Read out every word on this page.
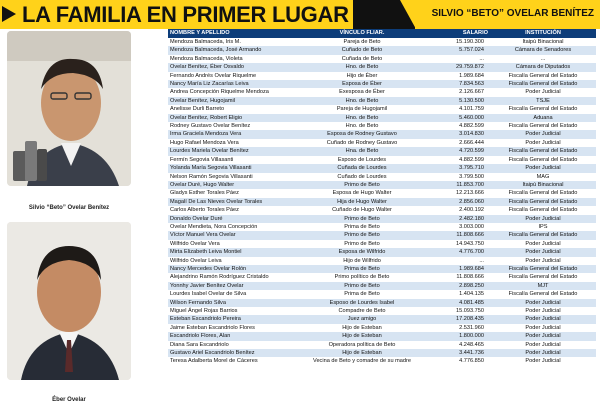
LA FAMILIA EN PRIMER LUGAR	SILVIO “BETO” OVELAR BENÍTEZ
Silvio “Beto” Ovelar Benítez
Éber Ovelar
NOMBRE Y APELLIDO	VÍNCULO FLIAR.	SALARIO	INSTITUCIÓN
Mendoza Balmaceda, Iris M.	Pareja de Beto	15.190.300	Itaipú Binacional
Mendoza Balmaceda, José Armando	Cuñado de Beto	5.757.024	Cámara de Senadores
Mendoza Balmaceda, Violeta	Cuñada de Beto	...	...
Ovelar Benítez, Éber Osvaldo	Hno. de Beto	29.759.872	Cámara de Diputados
Fernando Andrés Ovelar Riquelme	Hijo de Éber	1.989.684	Fiscalía General del Estado
Nancy María Liz Zacarías Leiva	Esposa de Éber	7.834.563	Fiscalía General del Estado
Andrea Concepción Riquelme Mendoza	Exesposa de Éber	2.126.667	Poder Judicial
Ovelar Benítez, Hugojamil	Hno. de Beto	5.130.500	TSJE
Anelisse Durli Barreto	Pareja de Hugojamil	4.101.759	Fiscalía General del Estado
Ovelar Benítez, Robert Eligio	Hno. de Beto	5.460.000	Aduana
Rodney Gustavo Ovelar Benítez	Hno. de Beto	4.882.599	Fiscalía General del Estado
Irma Graciela Mendoza Vera	Esposa de Rodney Gustavo	3.014.830	Poder Judicial
Hugo Rafael Mendoza Vera	Cuñado de Rodney Gustavo	2.666.444	Poder Judicial
Lourdes Mariela Ovelar Benítez	Hna. de Beto	4.720.599	Fiscalía General del Estado
Fermín Segovia Villasanti	Esposo de Lourdes	4.882.599	Fiscalía General del Estado
Yolanda María Segovia Villasanti	Cuñada de Lourdes	3.795.710	Poder Judicial
Nelson Ramón Segovia Villasanti	Cuñado de Lourdes	3.799.500	MAG
Ovelar Duré, Hugo Walter	Primo de Beto	11.853.700	Itaipú Binacional
Gladys Esther Torales Páez	Esposa de Hugo Walter	12.213.666	Fiscalía General del Estado
Magalí De Las Nieves Ovelar Torales	Hija de Hugo Walter	2.856.060	Fiscalía General del Estado
Carlos Alberto Torales Páez	Cuñado de Hugo Walter	2.400.192	Fiscalía General del Estado
Donaldo Ovelar Duré	Primo de Beto	2.482.180	Poder Judicial
Ovelar Mendieta, Nora Concepción	Prima de Beto	3.003.000	IPS
Víctor Manuel Vera Ovelar	Primo de Beto	11.808.666	Fiscalía General del Estado
Wilfrido Ovelar Vera	Primo de Beto	14.943.750	Poder Judicial
Mirta Elizabeth Leiva Montiel	Esposa de Wilfrido	4.776.700	Poder Judicial
Wilfrido Ovelar Leiva	Hijo de Wilfrido	...	Poder Judicial
Nancy Mercedes Ovelar Rolón	Prima de Beto	1.989.684	Fiscalía General del Estado
Alejandrino Ramón Rodríguez Cristaldo	Primo político de Beto	11.808.666	Fiscalía General del Estado
Yonnhy Javier Benítez Ovelar	Primo de Beto	2.898.250	MJT
Lourdes Isabel Ovelar de Silva	Prima de Beto	1.404.135	Fiscalía General del Estado
Wilson Fernando Silva	Esposo de Lourdes Isabel	4.081.485	Poder Judicial
Miguel Ángel Rojas Barrios	Compadre de Beto	15.093.750	Poder Judicial
Esteban Escandriolo Pereira	Juez amigo	17.208.435	Poder Judicial
Jaime Esteban Escandriolo Flores	Hijo de Esteban	2.531.960	Poder Judicial
Escandriolo Flores, Alan	Hijo de Esteban	1.800.000	Poder Judicial
Diana Sara Escandriolo	Operadora política de Beto	4.248.465	Poder Judicial
Gustavo Ariel Escandriolo Benítez	Hijo de Esteban	3.441.736	Poder Judicial
Teresa Adalberta Morel de Cáceres	Vecina de Beto y comadre de su madre	4.776.850	Poder Judicial
